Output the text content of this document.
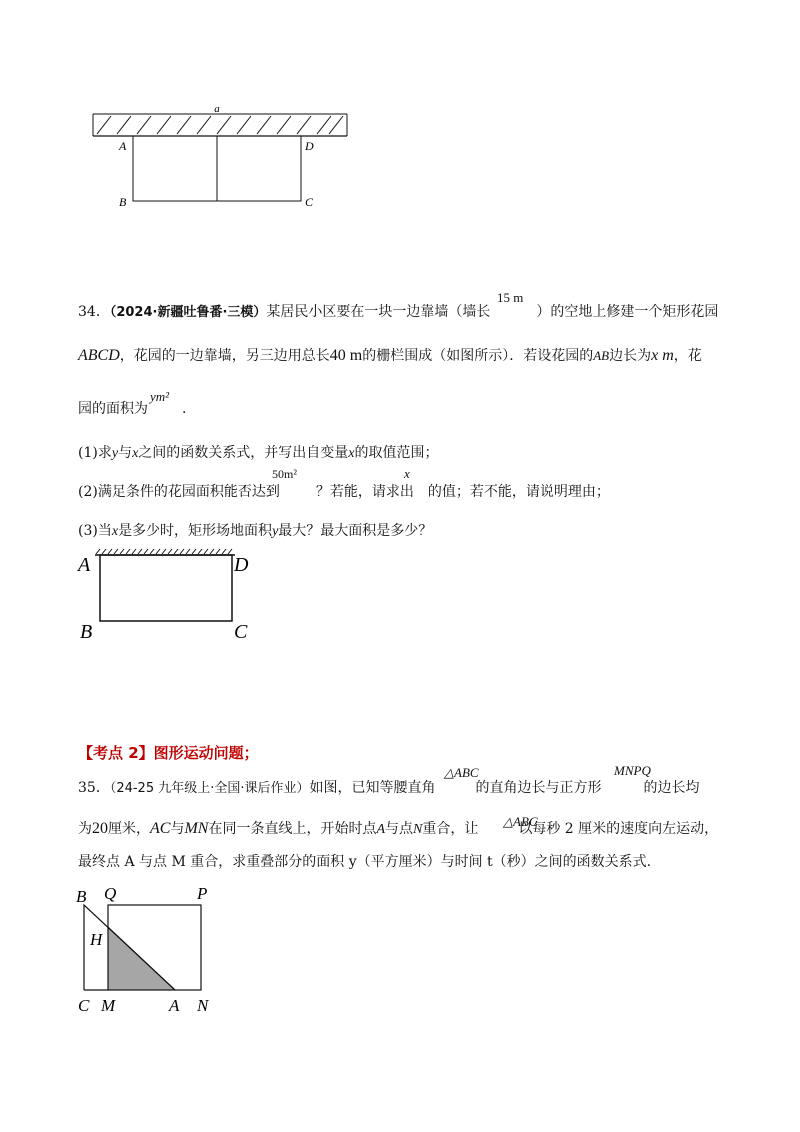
a
A	D
B	C
34．（2024·新疆吐鲁番·三模）某居民小区要在一块一边靠墙（墙长	）的空地上修建一个矩形花园
15 m
ABCD，花园的一边靠墙，另三边用总长40 m的栅栏围成（如图所示）．若设花园的AB边长为x m，花
园的面积为 .
ym²
(1)求y与x之间的函数关系式，并写出自变量x的取值范围；
(2)满足条件的花园面积能否达到	？若能，请求出 的值；若不能，请说明理由；
50m²	x
(3)当x是多少时，矩形场地面积y最大？最大面积是多少？
A	D
B	C
【考点 2】图形运动问题；
35．（24-25 九年级上·全国·课后作业）如图，已知等腰直角	的直角边长与正方形	的边长均
△ABC	MNPQ
为20厘米，AC与MN在同一条直线上，开始时点A与点N重合，让	以每秒 2 厘米的速度向左运动，
△ABC
最终点 A 与点 M 重合，求重叠部分的面积 y（平方厘米）与时间 t（秒）之间的函数关系式.
B Q	P
H
C M	A N
